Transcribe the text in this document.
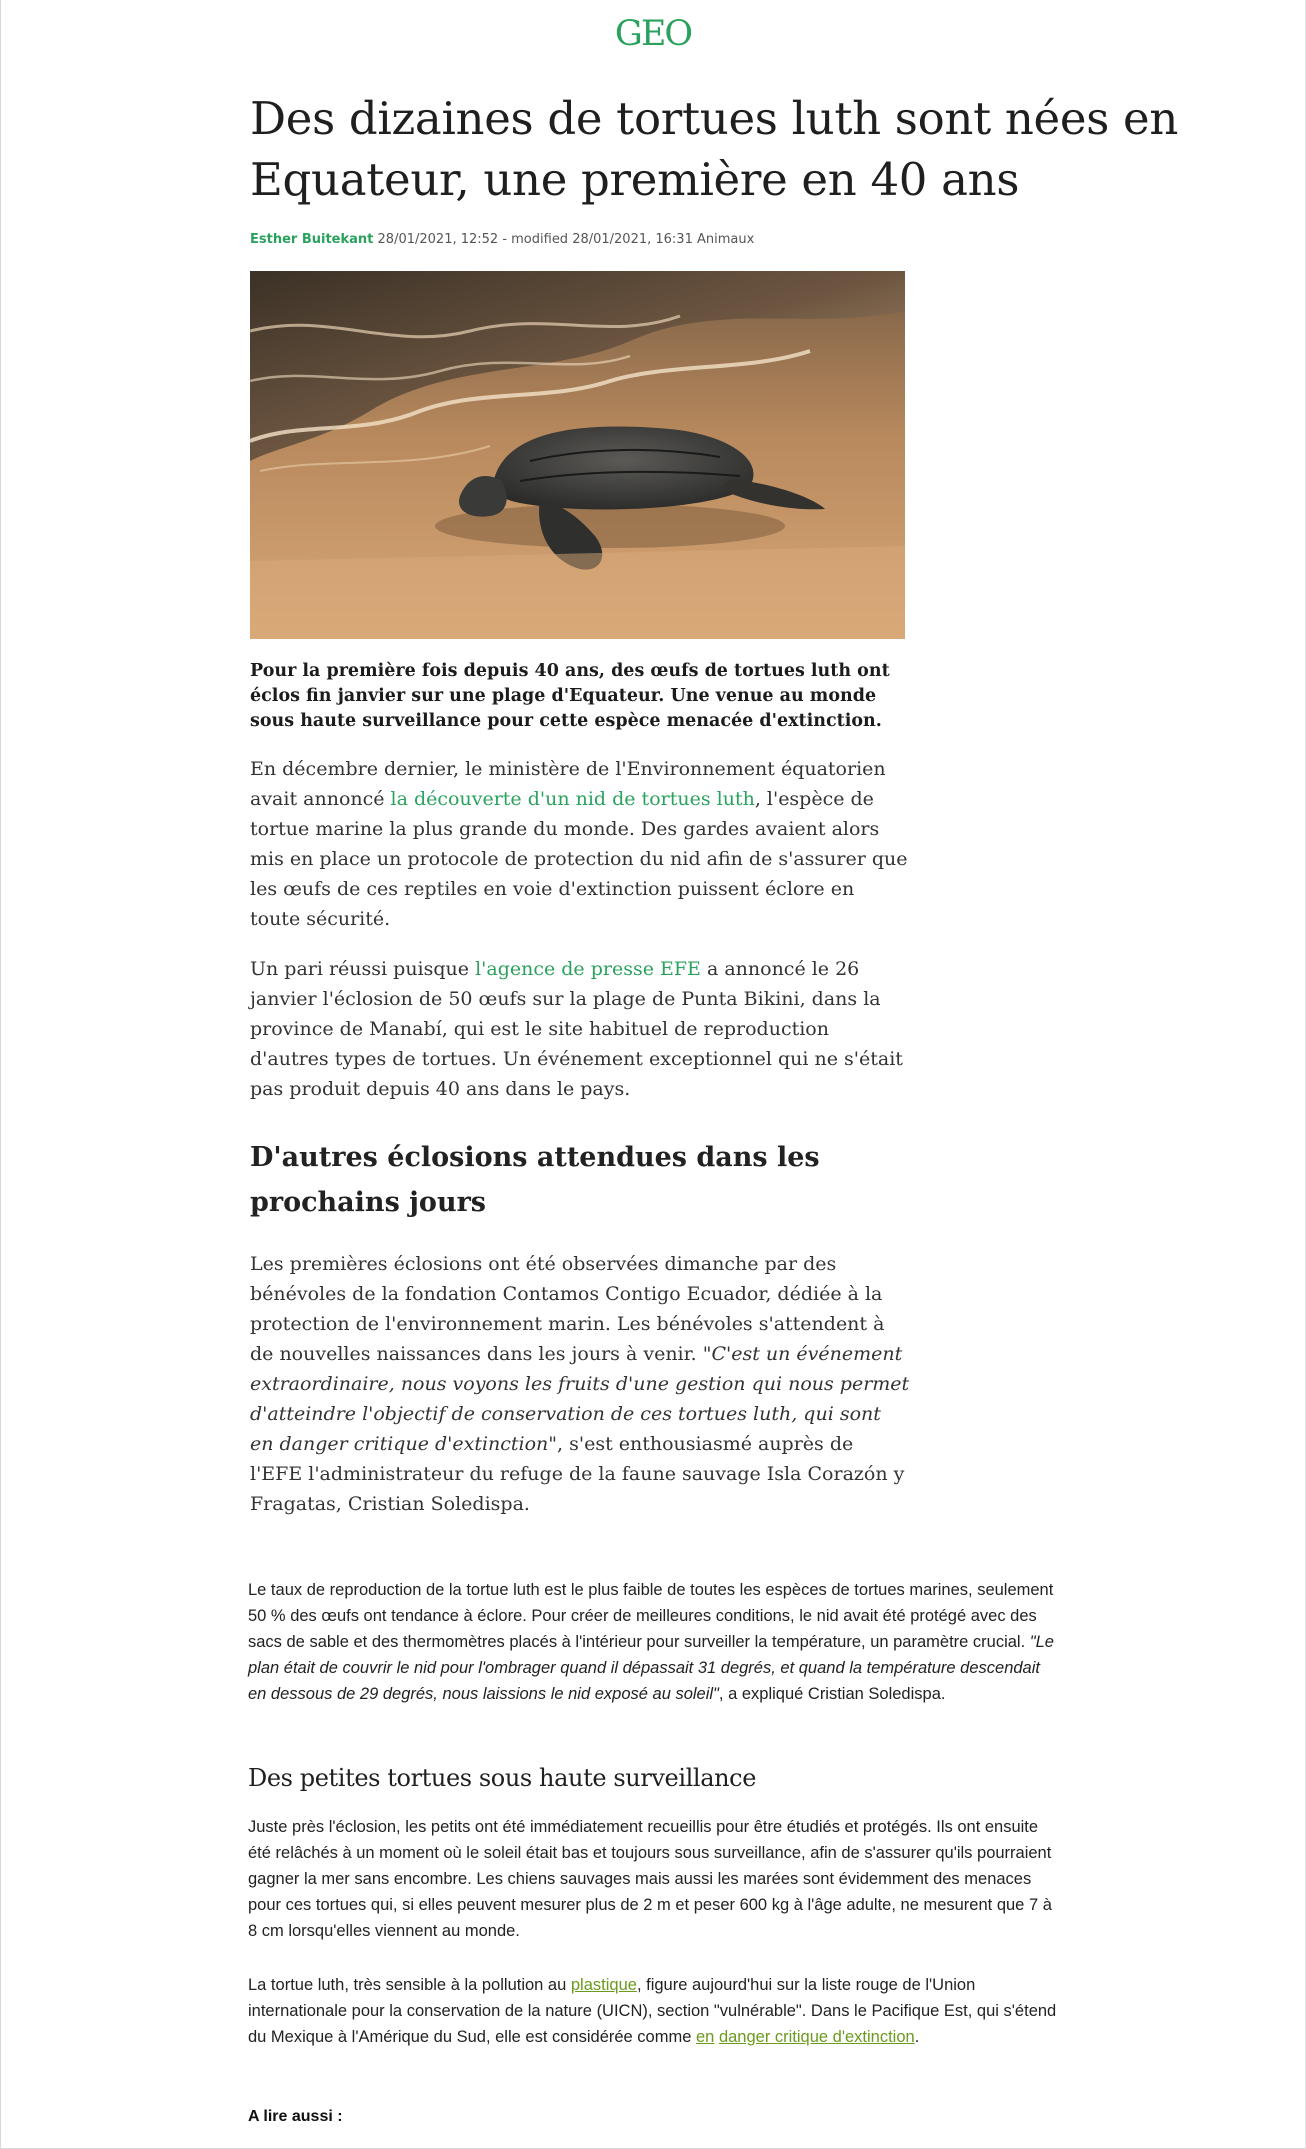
GEO
Des dizaines de tortues luth sont nées en Equateur, une première en 40 ans
Esther Buitekant 28/01/2021, 12:52 - modified 28/01/2021, 16:31 Animaux
Pour la première fois depuis 40 ans, des œufs de tortues luth ont éclos fin janvier sur une plage d'Equateur. Une venue au monde sous haute surveillance pour cette espèce menacée d'extinction.
En décembre dernier, le ministère de l'Environnement équatorien avait annoncé la découverte d'un nid de tortues luth, l'espèce de tortue marine la plus grande du monde. Des gardes avaient alors mis en place un protocole de protection du nid afin de s'assurer que les œufs de ces reptiles en voie d'extinction puissent éclore en toute sécurité.
Un pari réussi puisque l'agence de presse EFE a annoncé le 26 janvier l'éclosion de 50 œufs sur la plage de Punta Bikini, dans la province de Manabí, qui est le site habituel de reproduction d'autres types de tortues. Un événement exceptionnel qui ne s'était pas produit depuis 40 ans dans le pays.
D'autres éclosions attendues dans les prochains jours
Les premières éclosions ont été observées dimanche par des bénévoles de la fondation Contamos Contigo Ecuador, dédiée à la protection de l'environnement marin. Les bénévoles s'attendent à de nouvelles naissances dans les jours à venir. "C'est un événement extraordinaire, nous voyons les fruits d'une gestion qui nous permet d'atteindre l'objectif de conservation de ces tortues luth, qui sont en danger critique d'extinction", s'est enthousiasmé auprès de l'EFE l'administrateur du refuge de la faune sauvage Isla Corazón y Fragatas, Cristian Soledispa.
Le taux de reproduction de la tortue luth est le plus faible de toutes les espèces de tortues marines, seulement 50 % des œufs ont tendance à éclore. Pour créer de meilleures conditions, le nid avait été protégé avec des sacs de sable et des thermomètres placés à l'intérieur pour surveiller la température, un paramètre crucial. "Le plan était de couvrir le nid pour l'ombrager quand il dépassait 31 degrés, et quand la température descendait en dessous de 29 degrés, nous laissions le nid exposé au soleil", a expliqué Cristian Soledispa.
Des petites tortues sous haute surveillance
Juste près l'éclosion, les petits ont été immédiatement recueillis pour être étudiés et protégés. Ils ont ensuite été relâchés à un moment où le soleil était bas et toujours sous surveillance, afin de s'assurer qu'ils pourraient gagner la mer sans encombre. Les chiens sauvages mais aussi les marées sont évidemment des menaces pour ces tortues qui, si elles peuvent mesurer plus de 2 m et peser 600 kg à l'âge adulte, ne mesurent que 7 à 8 cm lorsqu'elles viennent au monde.
La tortue luth, très sensible à la pollution au plastique, figure aujourd'hui sur la liste rouge de l'Union internationale pour la conservation de la nature (UICN), section "vulnérable". Dans le Pacifique Est, qui s'étend du Mexique à l'Amérique du Sud, elle est considérée comme en danger critique d'extinction.
A lire aussi :
